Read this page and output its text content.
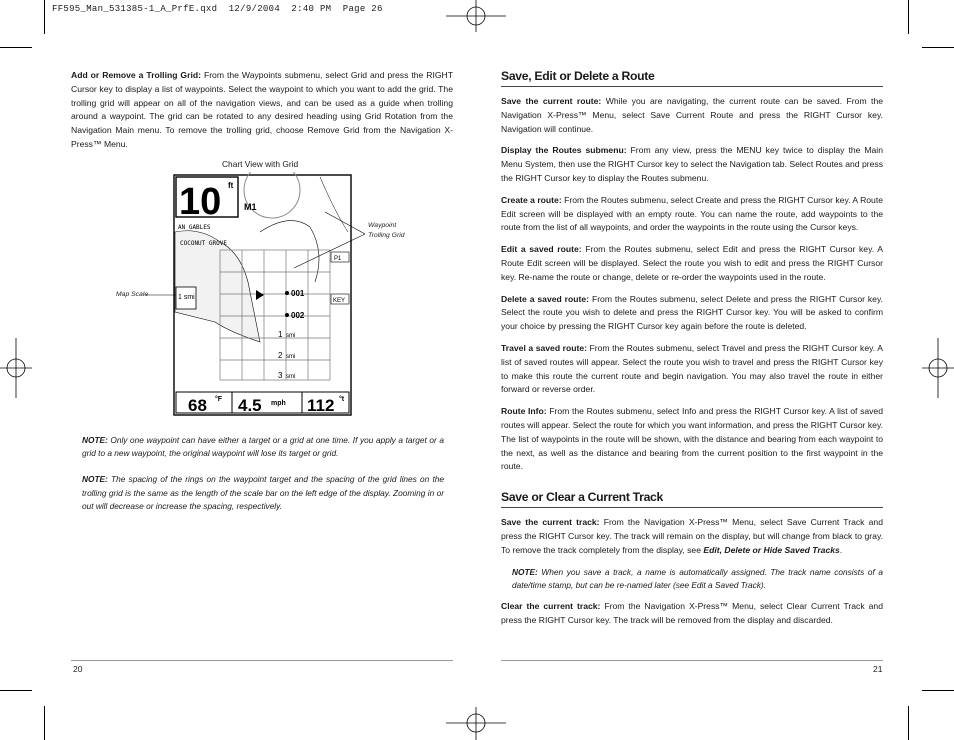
FF595_Man_531385-1_A_PrfE.qxd  12/9/2004  2:40 PM  Page 26

Add or Remove a Trolling Grid: From the Waypoints submenu, select Grid and press the RIGHT Cursor key to display a list of waypoints. Select the waypoint to which you want to add the grid. The trolling grid will appear on all of the navigation views, and can be used as a guide when trolling around a waypoint. The grid can be rotated to any desired heading using Grid Rotation from the Navigation Main menu. To remove the trolling grid, choose Remove Grid from the Navigation X-Press™ Menu.

Chart View with Grid
10 ft
M1
AN GABLES
COCONUT GROVE
001
002
1 smi
1
2
3
smi
smi
smi
KEY
P1
68 °F 4.5 mph 112 °t
Waypoint
Trolling Grid
Map Scale

NOTE: Only one waypoint can have either a target or a grid at one time. If you apply a target or a grid to a new waypoint, the original waypoint will lose its target or grid.

NOTE: The spacing of the rings on the waypoint target and the spacing of the grid lines on the trolling grid is the same as the length of the scale bar on the left edge of the display. Zooming in or out will decrease or increase the spacing, respectively.

20
Save, Edit or Delete a Route

Save the current route: While you are navigating, the current route can be saved. From the Navigation X-Press™ Menu, select Save Current Route and press the RIGHT Cursor key. Navigation will continue.

Display the Routes submenu: From any view, press the MENU key twice to display the Main Menu System, then use the RIGHT Cursor key to select the Navigation tab. Select Routes and press the RIGHT Cursor key to display the Routes submenu.

Create a route: From the Routes submenu, select Create and press the RIGHT Cursor key. A Route Edit screen will be displayed with an empty route. You can name the route, add waypoints to the route from the list of all waypoints, and order the waypoints in the route using the Cursor keys.

Edit a saved route: From the Routes submenu, select Edit and press the RIGHT Cursor key. A Route Edit screen will be displayed. Select the route you wish to edit and press the RIGHT Cursor key. Re-name the route or change, delete or re-order the waypoints used in the route.

Delete a saved route: From the Routes submenu, select Delete and press the RIGHT Cursor key. Select the route you wish to delete and press the RIGHT Cursor key. You will be asked to confirm your choice by pressing the RIGHT Cursor key again before the route is deleted.

Travel a saved route: From the Routes submenu, select Travel and press the RIGHT Cursor key. A list of saved routes will appear. Select the route you wish to travel and press the RIGHT Cursor key to make this route the current route and begin navigation. You may also travel the route in either forward or reverse order.

Route Info: From the Routes submenu, select Info and press the RIGHT Cursor key. A list of saved routes will appear. Select the route for which you want information, and press the RIGHT Cursor key. The list of waypoints in the route will be shown, with the distance and bearing from each waypoint to the next, as well as the distance and bearing from the current position to the first waypoint in the route.

Save or Clear a Current Track

Save the current track: From the Navigation X-Press™ Menu, select Save Current Track and press the RIGHT Cursor key. The track will remain on the display, but will change from black to gray. To remove the track completely from the display, see Edit, Delete or Hide Saved Tracks.

NOTE: When you save a track, a name is automatically assigned. The track name consists of a date/time stamp, but can be re-named later (see Edit a Saved Track).

Clear the current track: From the Navigation X-Press™ Menu, select Clear Current Track and press the RIGHT Cursor key. The track will be removed from the display and discarded.

21
